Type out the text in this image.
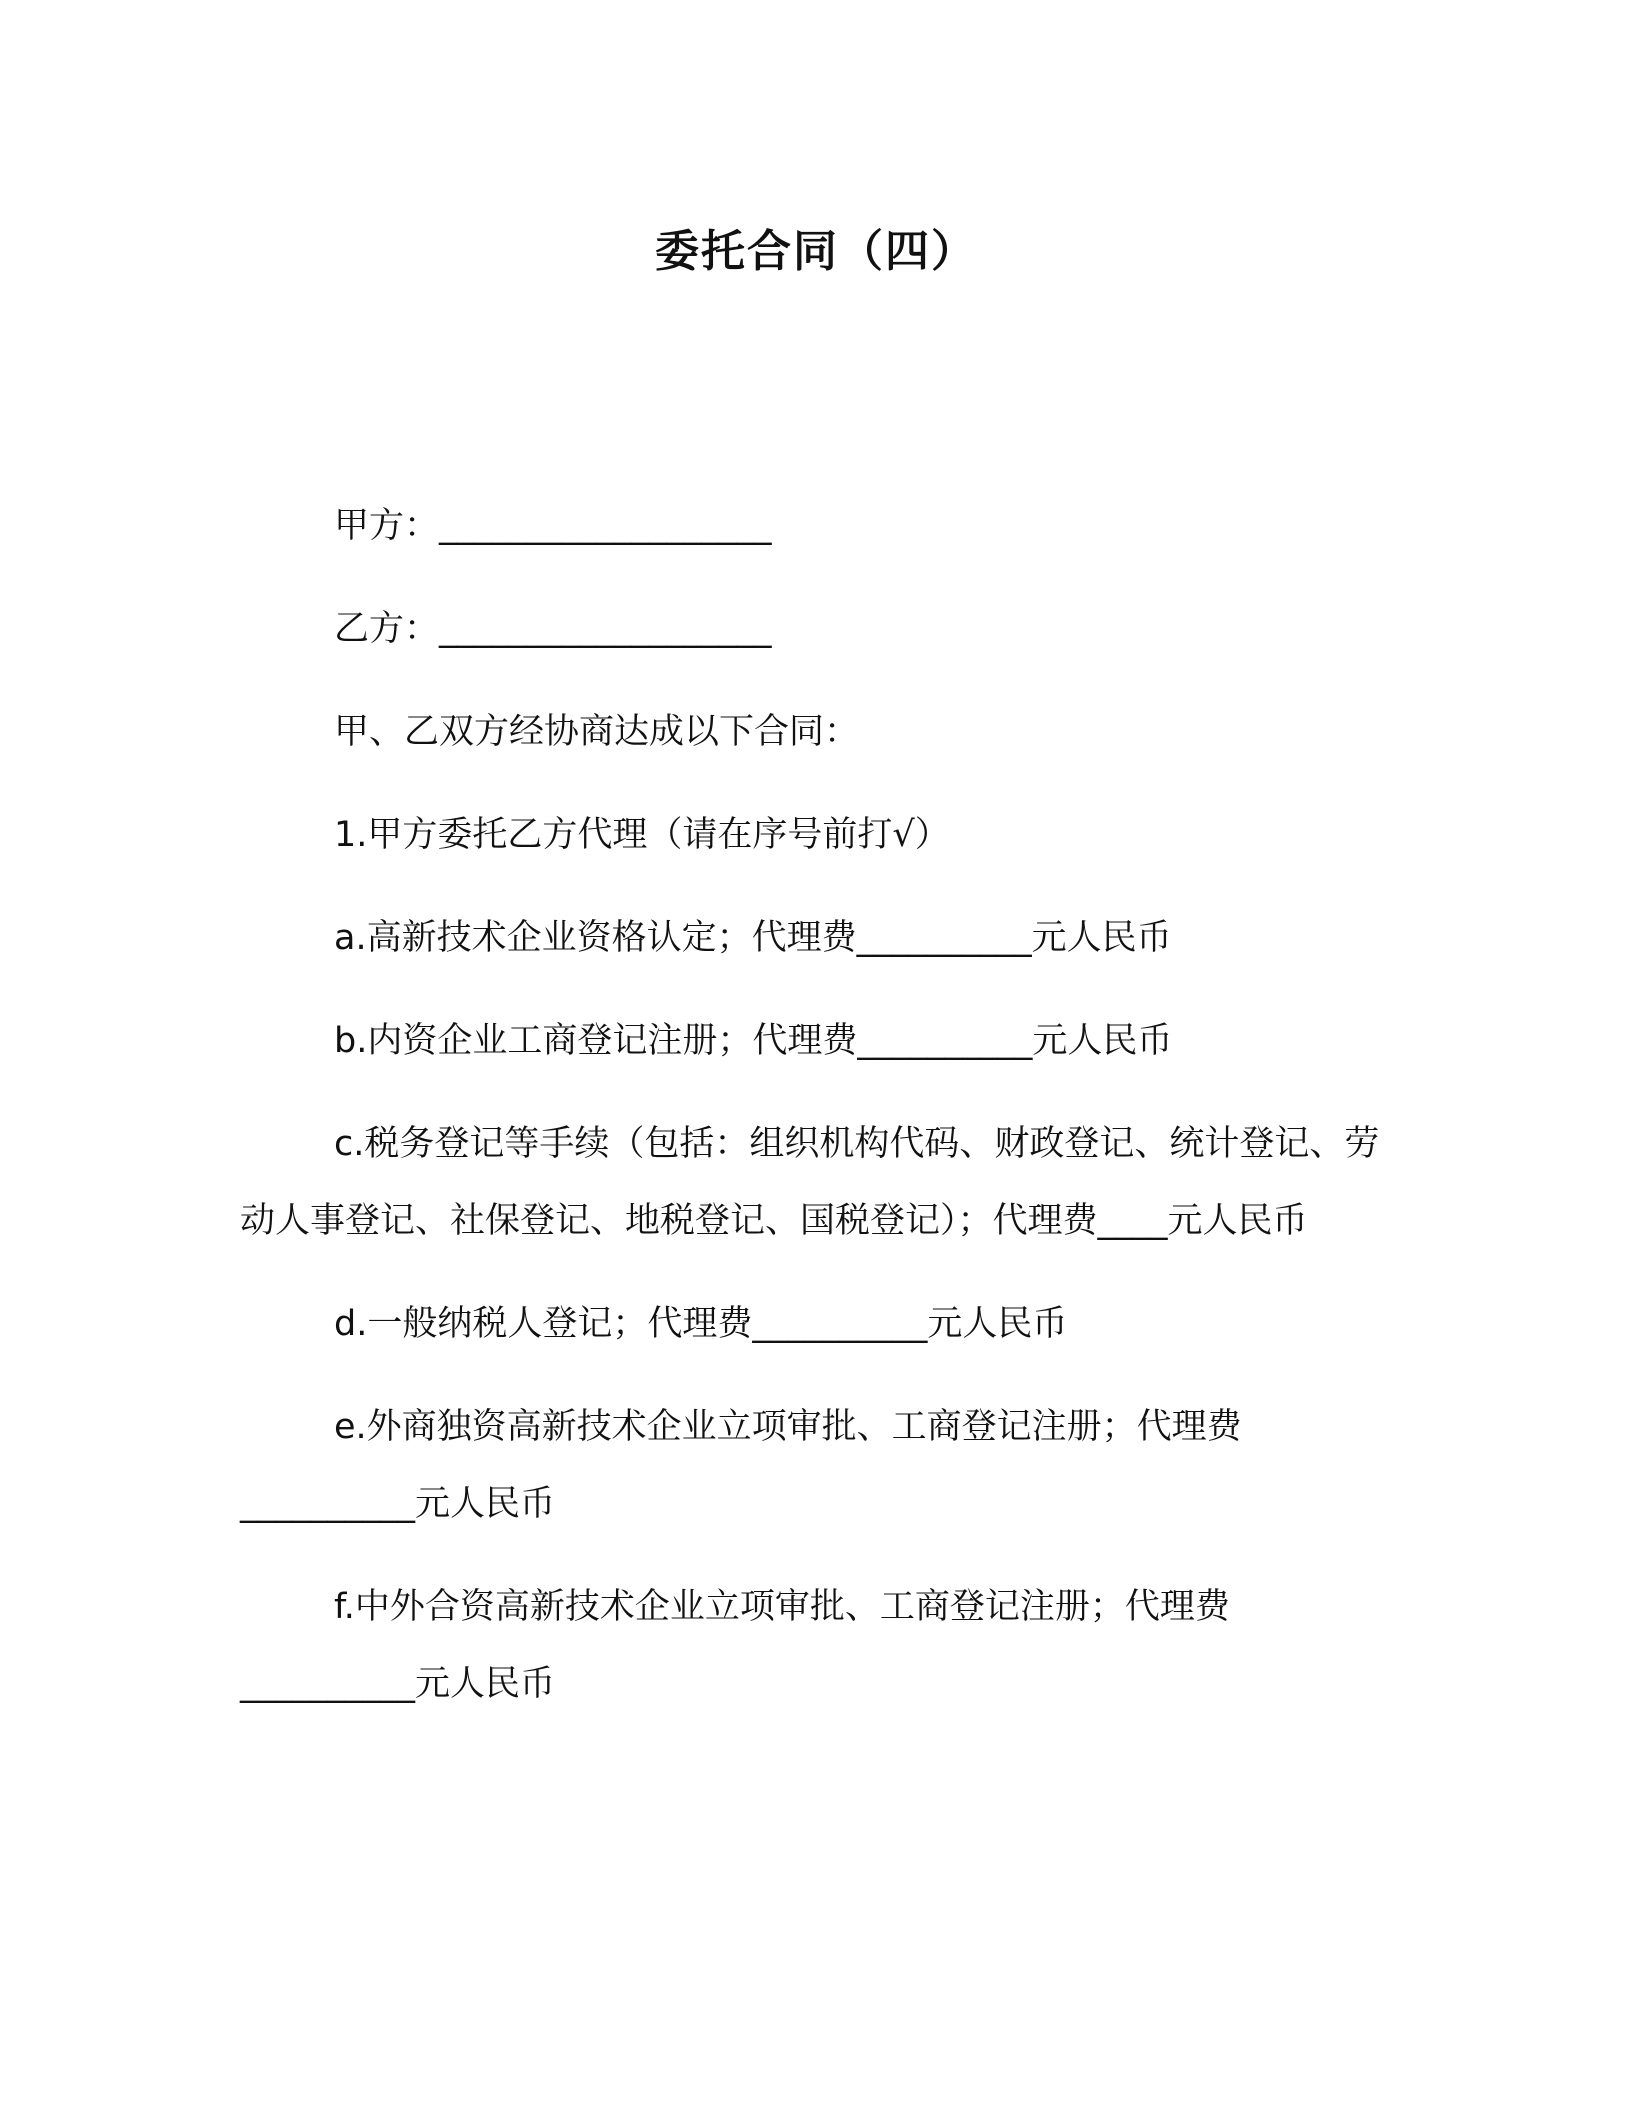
委托合同（四）

甲方：___________________

乙方：___________________

甲、乙双方经协商达成以下合同：

1.甲方委托乙方代理（请在序号前打√）

a.高新技术企业资格认定；代理费__________元人民币

b.内资企业工商登记注册；代理费__________元人民币

c.税务登记等手续（包括：组织机构代码、财政登记、统计登记、劳动人事登记、社保登记、地税登记、国税登记）；代理费____元人民币

d.一般纳税人登记；代理费__________元人民币

e.外商独资高新技术企业立项审批、工商登记注册；代理费__________元人民币

f.中外合资高新技术企业立项审批、工商登记注册；代理费__________元人民币
